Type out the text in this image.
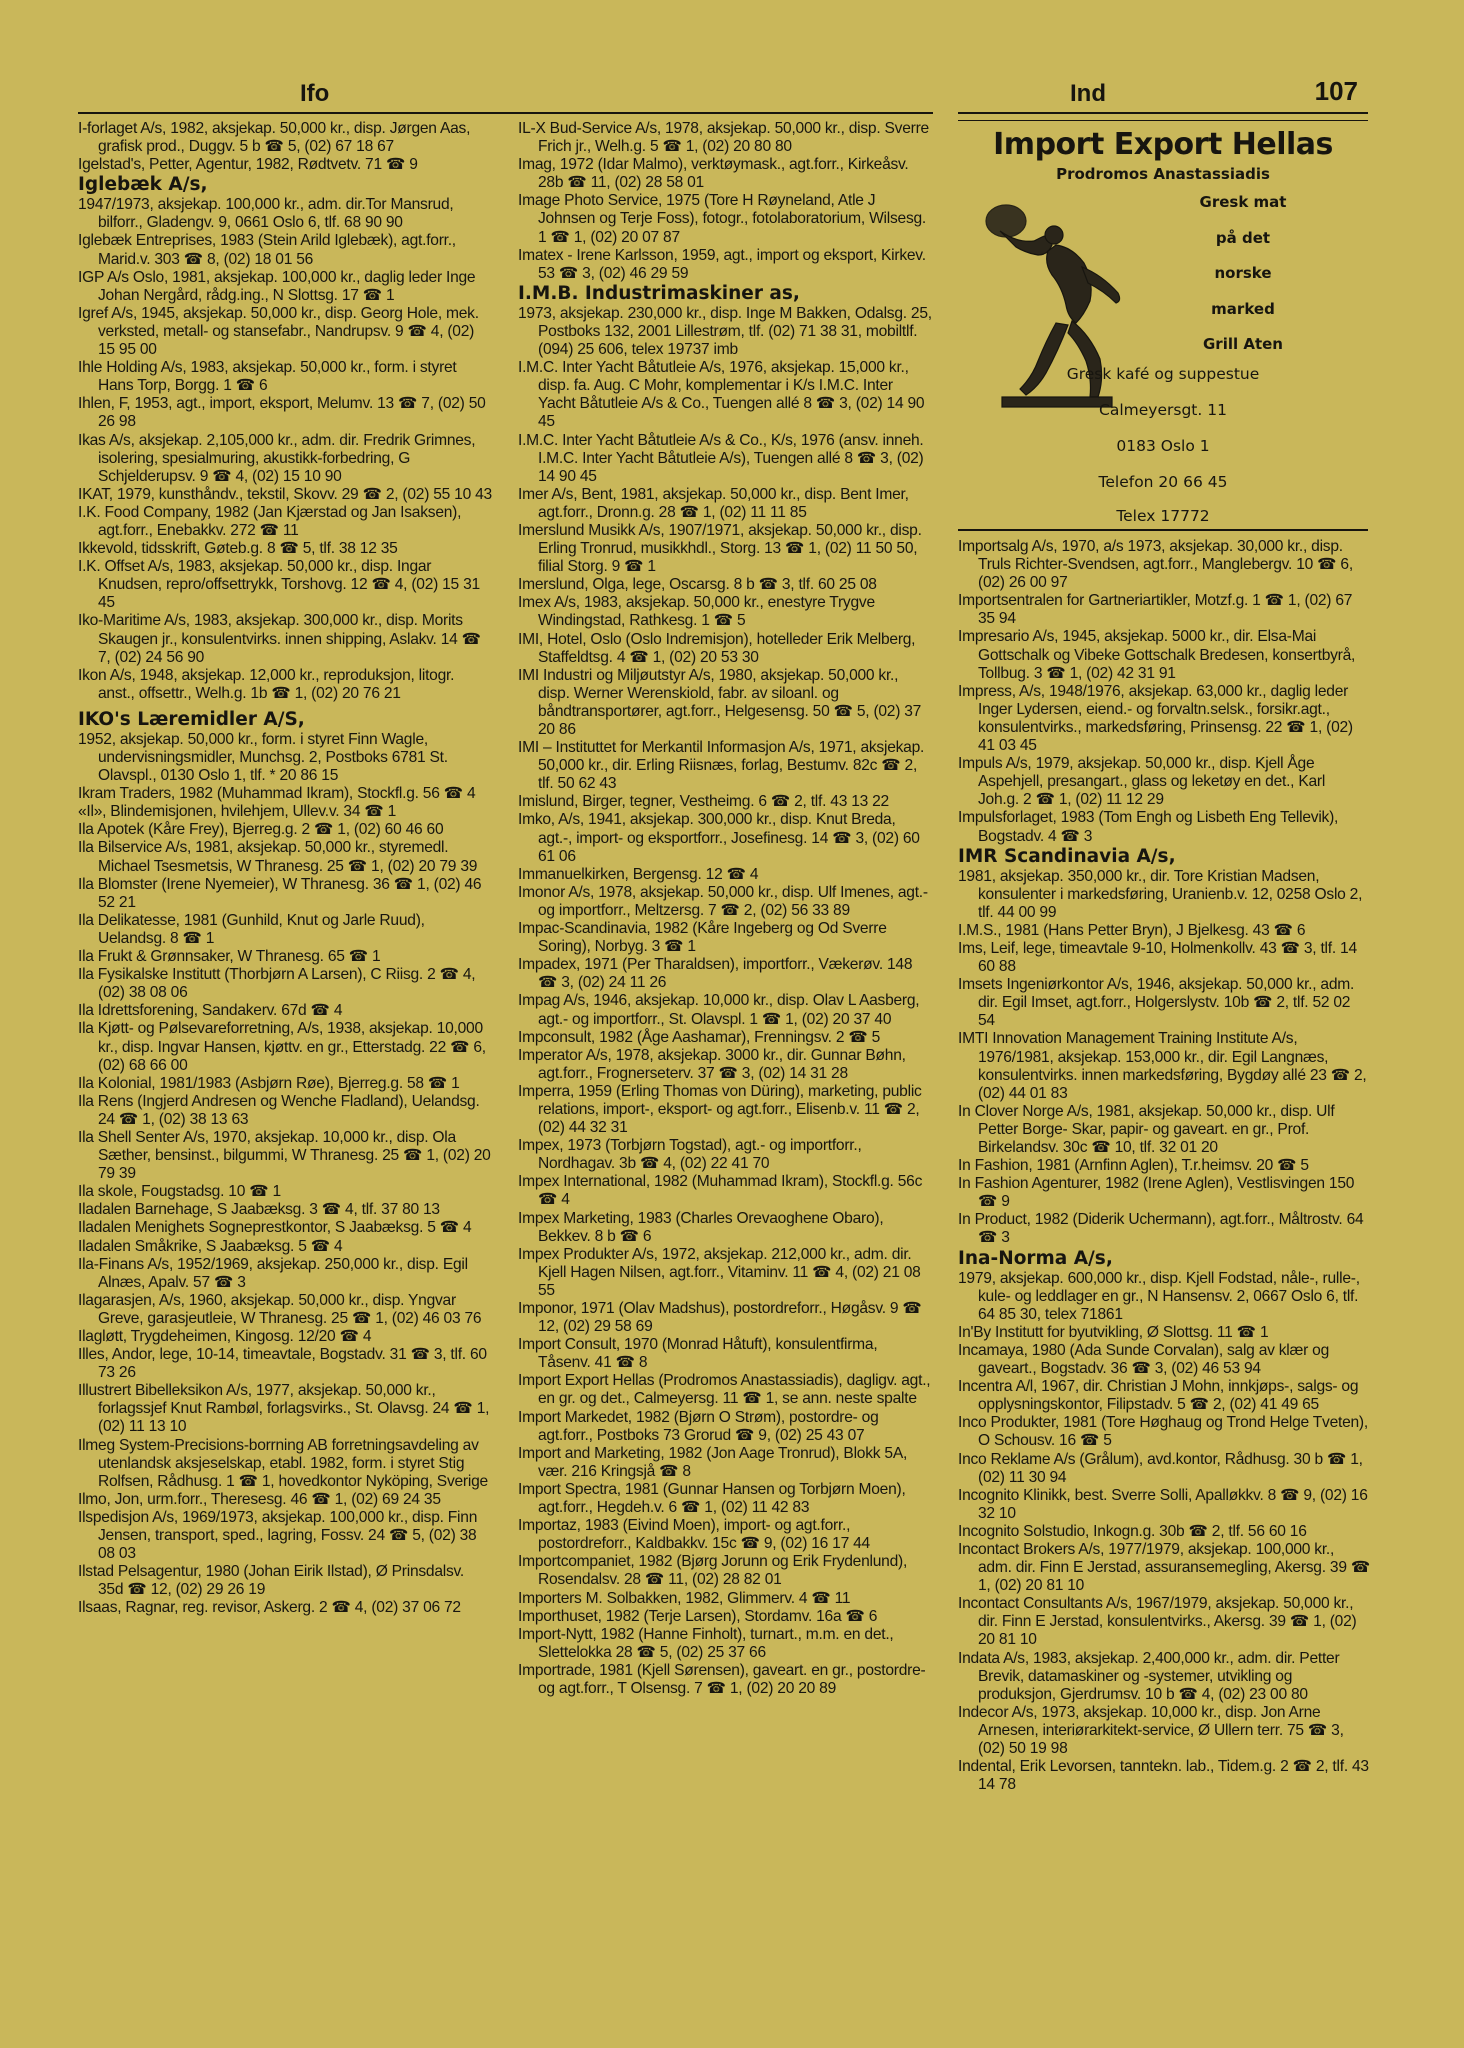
Ifo	Ind	107

I-forlaget A/s, 1982, aksjekap. 50,000 kr., disp. Jørgen Aas, grafisk prod., Duggv. 5 b ☎ 5, (02) 67 18 67

Igelstad's, Petter, Agentur, 1982, Rødtvetv. 71 ☎ 9

Iglebæk A/s,

1947/1973, aksjekap. 100,000 kr., adm. dir.Tor Mansrud, bilforr., Gladengv. 9, 0661 Oslo 6, tlf. 68 90 90

Iglebæk Entreprises, 1983 (Stein Arild Iglebæk), agt.forr., Marid.v. 303 ☎ 8, (02) 18 01 56

IGP A/s Oslo, 1981, aksjekap. 100,000 kr., daglig leder Inge Johan Nergård, rådg.ing., N Slottsg. 17 ☎ 1

Igref A/s, 1945, aksjekap. 50,000 kr., disp. Georg Hole, mek. verksted, metall- og stansefabr., Nandrupsv. 9 ☎ 4, (02) 15 95 00

Ihle Holding A/s, 1983, aksjekap. 50,000 kr., form. i styret Hans Torp, Borgg. 1 ☎ 6

Ihlen, F, 1953, agt., import, eksport, Melumv. 13 ☎ 7, (02) 50 26 98

Ikas A/s, aksjekap. 2,105,000 kr., adm. dir. Fredrik Grimnes, isolering, spesialmuring, akustikk-forbedring, G Schjelderupsv. 9 ☎ 4, (02) 15 10 90

IKAT, 1979, kunsthåndv., tekstil, Skovv. 29 ☎ 2, (02) 55 10 43

I.K. Food Company, 1982 (Jan Kjærstad og Jan Isaksen), agt.forr., Enebakkv. 272 ☎ 11

Ikkevold, tidsskrift, Gøteb.g. 8 ☎ 5, tlf. 38 12 35

I.K. Offset A/s, 1983, aksjekap. 50,000 kr., disp. Ingar Knudsen, repro/offsettrykk, Torshovg. 12 ☎ 4, (02) 15 31 45

Iko-Maritime A/s, 1983, aksjekap. 300,000 kr., disp. Morits Skaugen jr., konsulentvirks. innen shipping, Aslakv. 14 ☎ 7, (02) 24 56 90

Ikon A/s, 1948, aksjekap. 12,000 kr., reproduksjon, litogr. anst., offsettr., Welh.g. 1b ☎ 1, (02) 20 76 21

IKO's Læremidler A/S,

1952, aksjekap. 50,000 kr., form. i styret Finn Wagle, undervisningsmidler, Munchsg. 2, Postboks 6781 St. Olavspl., 0130 Oslo 1, tlf. * 20 86 15

Ikram Traders, 1982 (Muhammad Ikram), Stockfl.g. 56 ☎ 4

«Il», Blindemisjonen, hvilehjem, Ullev.v. 34 ☎ 1

Ila Apotek (Kåre Frey), Bjerreg.g. 2 ☎ 1, (02) 60 46 60

Ila Bilservice A/s, 1981, aksjekap. 50,000 kr., styremedl. Michael Tsesmetsis, W Thranesg. 25 ☎ 1, (02) 20 79 39

Ila Blomster (Irene Nyemeier), W Thranesg. 36 ☎ 1, (02) 46 52 21

Ila Delikatesse, 1981 (Gunhild, Knut og Jarle Ruud), Uelandsg. 8 ☎ 1

Ila Frukt & Grønnsaker, W Thranesg. 65 ☎ 1

Ila Fysikalske Institutt (Thorbjørn A Larsen), C Riisg. 2 ☎ 4, (02) 38 08 06

Ila Idrettsforening, Sandakerv. 67d ☎ 4

Ila Kjøtt- og Pølsevareforretning, A/s, 1938, aksjekap. 10,000 kr., disp. Ingvar Hansen, kjøttv. en gr., Etterstadg. 22 ☎ 6, (02) 68 66 00

Ila Kolonial, 1981/1983 (Asbjørn Røe), Bjerreg.g. 58 ☎ 1

Ila Rens (Ingjerd Andresen og Wenche Fladland), Uelandsg. 24 ☎ 1, (02) 38 13 63

Ila Shell Senter A/s, 1970, aksjekap. 10,000 kr., disp. Ola Sæther, bensinst., bilgummi, W Thranesg. 25 ☎ 1, (02) 20 79 39

Ila skole, Fougstadsg. 10 ☎ 1

Iladalen Barnehage, S Jaabæksg. 3 ☎ 4, tlf. 37 80 13

Iladalen Menighets Sogneprestkontor, S Jaabæksg. 5 ☎ 4

Iladalen Småkrike, S Jaabæksg. 5 ☎ 4

Ila-Finans A/s, 1952/1969, aksjekap. 250,000 kr., disp. Egil Alnæs, Apalv. 57 ☎ 3

Ilagarasjen, A/s, 1960, aksjekap. 50,000 kr., disp. Yngvar Greve, garasjeutleie, W Thranesg. 25 ☎ 1, (02) 46 03 76

Ilagløtt, Trygdeheimen, Kingosg. 12/20 ☎ 4

Illes, Andor, lege, 10-14, timeavtale, Bogstadv. 31 ☎ 3, tlf. 60 73 26

Illustrert Bibelleksikon A/s, 1977, aksjekap. 50,000 kr., forlagssjef Knut Rambøl, forlagsvirks., St. Olavsg. 24 ☎ 1, (02) 11 13 10

Ilmeg System-Precisions-borrning AB forretningsavdeling av utenlandsk aksjeselskap, etabl. 1982, form. i styret Stig Rolfsen, Rådhusg. 1 ☎ 1, hovedkontor Nyköping, Sverige

Ilmo, Jon, urm.forr., Theresesg. 46 ☎ 1, (02) 69 24 35

Ilspedisjon A/s, 1969/1973, aksjekap. 100,000 kr., disp. Finn Jensen, transport, sped., lagring, Fossv. 24 ☎ 5, (02) 38 08 03

Ilstad Pelsagentur, 1980 (Johan Eirik Ilstad), Ø Prinsdalsv. 35d ☎ 12, (02) 29 26 19

Ilsaas, Ragnar, reg. revisor, Askerg. 2 ☎ 4, (02) 37 06 72

IL-X Bud-Service A/s, 1978, aksjekap. 50,000 kr., disp. Sverre Frich jr., Welh.g. 5 ☎ 1, (02) 20 80 80

Imag, 1972 (Idar Malmo), verktøymask., agt.forr., Kirkeåsv. 28b ☎ 11, (02) 28 58 01

Image Photo Service, 1975 (Tore H Røyneland, Atle J Johnsen og Terje Foss), fotogr., fotolaboratorium, Wilsesg. 1 ☎ 1, (02) 20 07 87

Imatex - Irene Karlsson, 1959, agt., import og eksport, Kirkev. 53 ☎ 3, (02) 46 29 59

I.M.B. Industrimaskiner as,

1973, aksjekap. 230,000 kr., disp. Inge M Bakken, Odalsg. 25, Postboks 132, 2001 Lillestrøm, tlf. (02) 71 38 31, mobiltlf. (094) 25 606, telex 19737 imb

I.M.C. Inter Yacht Båtutleie A/s, 1976, aksjekap. 15,000 kr., disp. fa. Aug. C Mohr, komplementar i K/s I.M.C. Inter Yacht Båtutleie A/s & Co., Tuengen allé 8 ☎ 3, (02) 14 90 45

I.M.C. Inter Yacht Båtutleie A/s & Co., K/s, 1976 (ansv. inneh. I.M.C. Inter Yacht Båtutleie A/s), Tuengen allé 8 ☎ 3, (02) 14 90 45

Imer A/s, Bent, 1981, aksjekap. 50,000 kr., disp. Bent Imer, agt.forr., Dronn.g. 28 ☎ 1, (02) 11 11 85

Imerslund Musikk A/s, 1907/1971, aksjekap. 50,000 kr., disp. Erling Tronrud, musikkhdl., Storg. 13 ☎ 1, (02) 11 50 50, filial Storg. 9 ☎ 1

Imerslund, Olga, lege, Oscarsg. 8 b ☎ 3, tlf. 60 25 08

Imex A/s, 1983, aksjekap. 50,000 kr., enestyre Trygve Windingstad, Rathkesg. 1 ☎ 5

IMI, Hotel, Oslo (Oslo Indremisjon), hotelleder Erik Melberg, Staffeldtsg. 4 ☎ 1, (02) 20 53 30

IMI Industri og Miljøutstyr A/s, 1980, aksjekap. 50,000 kr., disp. Werner Werenskiold, fabr. av siloanl. og båndtransportører, agt.forr., Helgesensg. 50 ☎ 5, (02) 37 20 86

IMI – Instituttet for Merkantil Informasjon A/s, 1971, aksjekap. 50,000 kr., dir. Erling Riisnæs, forlag, Bestumv. 82c ☎ 2, tlf. 50 62 43

Imislund, Birger, tegner, Vestheimg. 6 ☎ 2, tlf. 43 13 22

Imko, A/s, 1941, aksjekap. 300,000 kr., disp. Knut Breda, agt.-, import- og eksportforr., Josefinesg. 14 ☎ 3, (02) 60 61 06

Immanuelkirken, Bergensg. 12 ☎ 4

Imonor A/s, 1978, aksjekap. 50,000 kr., disp. Ulf Imenes, agt.- og importforr., Meltzersg. 7 ☎ 2, (02) 56 33 89

Impac-Scandinavia, 1982 (Kåre Ingeberg og Od Sverre Soring), Norbyg. 3 ☎ 1

Impadex, 1971 (Per Tharaldsen), importforr., Vækerøv. 148 ☎ 3, (02) 24 11 26

Impag A/s, 1946, aksjekap. 10,000 kr., disp. Olav L Aasberg, agt.- og importforr., St. Olavspl. 1 ☎ 1, (02) 20 37 40

Impconsult, 1982 (Åge Aashamar), Frenningsv. 2 ☎ 5

Imperator A/s, 1978, aksjekap. 3000 kr., dir. Gunnar Bøhn, agt.forr., Frognerseterv. 37 ☎ 3, (02) 14 31 28

Imperra, 1959 (Erling Thomas von Düring), marketing, public relations, import-, eksport- og agt.forr., Elisenb.v. 11 ☎ 2, (02) 44 32 31

Impex, 1973 (Torbjørn Togstad), agt.- og importforr., Nordhagav. 3b ☎ 4, (02) 22 41 70

Impex International, 1982 (Muhammad Ikram), Stockfl.g. 56c ☎ 4

Impex Marketing, 1983 (Charles Orevaoghene Obaro), Bekkev. 8 b ☎ 6

Impex Produkter A/s, 1972, aksjekap. 212,000 kr., adm. dir. Kjell Hagen Nilsen, agt.forr., Vitaminv. 11 ☎ 4, (02) 21 08 55

Imponor, 1971 (Olav Madshus), postordreforr., Høgåsv. 9 ☎ 12, (02) 29 58 69

Import Consult, 1970 (Monrad Håtuft), konsulentfirma, Tåsenv. 41 ☎ 8

Import Export Hellas (Prodromos Anastassiadis), dagligv. agt., en gr. og det., Calmeyersg. 11 ☎ 1, se ann. neste spalte

Import Markedet, 1982 (Bjørn O Strøm), postordre- og agt.forr., Postboks 73 Grorud ☎ 9, (02) 25 43 07

Import and Marketing, 1982 (Jon Aage Tronrud), Blokk 5A, vær. 216 Kringsjå ☎ 8

Import Spectra, 1981 (Gunnar Hansen og Torbjørn Moen), agt.forr., Hegdeh.v. 6 ☎ 1, (02) 11 42 83

Importaz, 1983 (Eivind Moen), import- og agt.forr., postordreforr., Kaldbakkv. 15c ☎ 9, (02) 16 17 44

Importcompaniet, 1982 (Bjørg Jorunn og Erik Frydenlund), Rosendalsv. 28 ☎ 11, (02) 28 82 01

Importers M. Solbakken, 1982, Glimmerv. 4 ☎ 11

Importhuset, 1982 (Terje Larsen), Stordamv. 16a ☎ 6

Import-Nytt, 1982 (Hanne Finholt), turnart., m.m. en det., Slettelokka 28 ☎ 5, (02) 25 37 66

Importrade, 1981 (Kjell Sørensen), gaveart. en gr., postordre- og agt.forr., T Olsensg. 7 ☎ 1, (02) 20 20 89

Import Export Hellas
Prodromos Anastassiadis
Gresk mat
på det
norske
marked
Grill Aten
Gresk kafé og suppestue
Calmeyersgt. 11
0183 Oslo 1
Telefon 20 66 45
Telex 17772

Importsalg A/s, 1970, a/s 1973, aksjekap. 30,000 kr., disp. Truls Richter-Svendsen, agt.forr., Manglebergv. 10 ☎ 6, (02) 26 00 97

Importsentralen for Gartneriartikler, Motzf.g. 1 ☎ 1, (02) 67 35 94

Impresario A/s, 1945, aksjekap. 5000 kr., dir. Elsa-Mai Gottschalk og Vibeke Gottschalk Bredesen, konsertbyrå, Tollbug. 3 ☎ 1, (02) 42 31 91

Impress, A/s, 1948/1976, aksjekap. 63,000 kr., daglig leder Inger Lydersen, eiend.- og forvaltn.selsk., forsikr.agt., konsulentvirks., markedsføring, Prinsensg. 22 ☎ 1, (02) 41 03 45

Impuls A/s, 1979, aksjekap. 50,000 kr., disp. Kjell Åge Aspehjell, presangart., glass og leketøy en det., Karl Joh.g. 2 ☎ 1, (02) 11 12 29

Impulsforlaget, 1983 (Tom Engh og Lisbeth Eng Tellevik), Bogstadv. 4 ☎ 3

IMR Scandinavia A/s,

1981, aksjekap. 350,000 kr., dir. Tore Kristian Madsen, konsulenter i markedsføring, Uranienb.v. 12, 0258 Oslo 2, tlf. 44 00 99

I.M.S., 1981 (Hans Petter Bryn), J Bjelkesg. 43 ☎ 6

Ims, Leif, lege, timeavtale 9-10, Holmenkollv. 43 ☎ 3, tlf. 14 60 88

Imsets Ingeniørkontor A/s, 1946, aksjekap. 50,000 kr., adm. dir. Egil Imset, agt.forr., Holgerslystv. 10b ☎ 2, tlf. 52 02 54

IMTI Innovation Management Training Institute A/s, 1976/1981, aksjekap. 153,000 kr., dir. Egil Langnæs, konsulentvirks. innen markedsføring, Bygdøy allé 23 ☎ 2, (02) 44 01 83

In Clover Norge A/s, 1981, aksjekap. 50,000 kr., disp. Ulf Petter Borge- Skar, papir- og gaveart. en gr., Prof. Birkelandsv. 30c ☎ 10, tlf. 32 01 20

In Fashion, 1981 (Arnfinn Aglen), T.r.heimsv. 20 ☎ 5

In Fashion Agenturer, 1982 (Irene Aglen), Vestlisvingen 150 ☎ 9

In Product, 1982 (Diderik Uchermann), agt.forr., Måltrostv. 64 ☎ 3

Ina-Norma A/s,

1979, aksjekap. 600,000 kr., disp. Kjell Fodstad, nåle-, rulle-, kule- og leddlager en gr., N Hansensv. 2, 0667 Oslo 6, tlf. 64 85 30, telex 71861

In'By Institutt for byutvikling, Ø Slottsg. 11 ☎ 1

Incamaya, 1980 (Ada Sunde Corvalan), salg av klær og gaveart., Bogstadv. 36 ☎ 3, (02) 46 53 94

Incentra A/l, 1967, dir. Christian J Mohn, innkjøps-, salgs- og opplysningskontor, Filipstadv. 5 ☎ 2, (02) 41 49 65

Inco Produkter, 1981 (Tore Høghaug og Trond Helge Tveten), O Schousv. 16 ☎ 5

Inco Reklame A/s (Grålum), avd.kontor, Rådhusg. 30 b ☎ 1, (02) 11 30 94

Incognito Klinikk, best. Sverre Solli, Apalløkkv. 8 ☎ 9, (02) 16 32 10

Incognito Solstudio, Inkogn.g. 30b ☎ 2, tlf. 56 60 16

Incontact Brokers A/s, 1977/1979, aksjekap. 100,000 kr., adm. dir. Finn E Jerstad, assuransemegling, Akersg. 39 ☎ 1, (02) 20 81 10

Incontact Consultants A/s, 1967/1979, aksjekap. 50,000 kr., dir. Finn E Jerstad, konsulentvirks., Akersg. 39 ☎ 1, (02) 20 81 10

Indata A/s, 1983, aksjekap. 2,400,000 kr., adm. dir. Petter Brevik, datamaskiner og -systemer, utvikling og produksjon, Gjerdrumsv. 10 b ☎ 4, (02) 23 00 80

Indecor A/s, 1973, aksjekap. 10,000 kr., disp. Jon Arne Arnesen, interiørarkitekt-service, Ø Ullern terr. 75 ☎ 3, (02) 50 19 98

Indental, Erik Levorsen, tanntekn. lab., Tidem.g. 2 ☎ 2, tlf. 43 14 78
